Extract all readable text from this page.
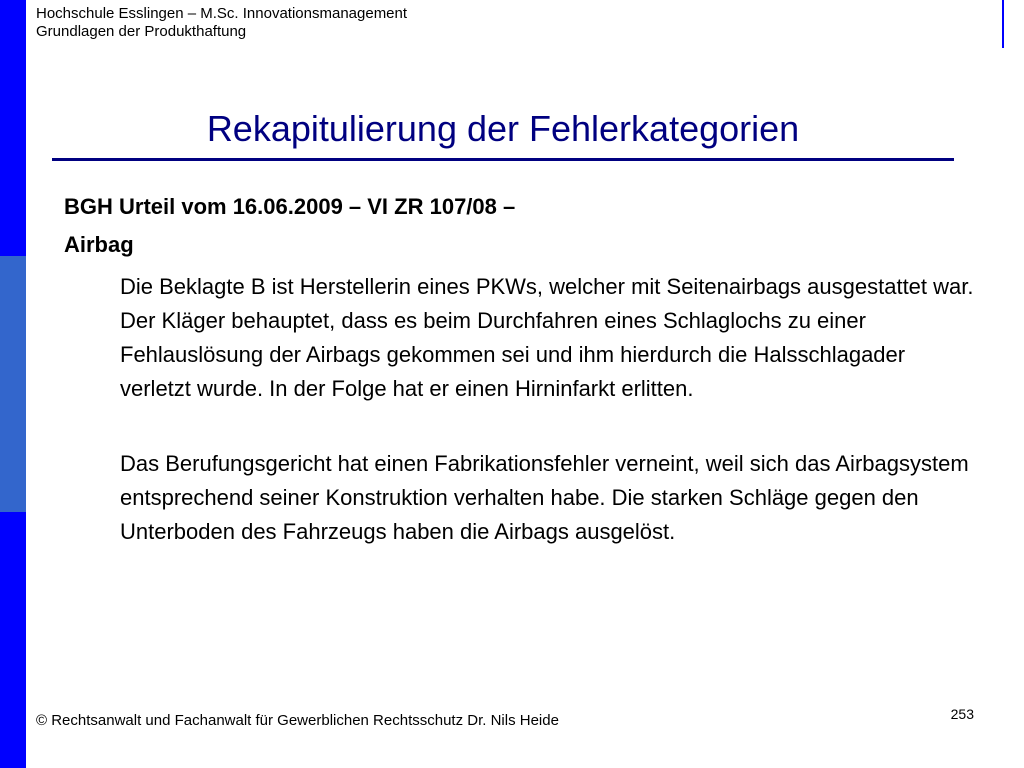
Hochschule Esslingen – M.Sc. Innovationsmanagement
Grundlagen der Produkthaftung
Rekapitulierung der Fehlerkategorien
BGH Urteil vom 16.06.2009 – VI ZR 107/08 –
Airbag
Die Beklagte B ist Herstellerin eines PKWs, welcher mit Seitenairbags ausgestattet war. Der Kläger behauptet, dass es beim Durchfahren eines Schlaglochs zu einer Fehlauslösung der Airbags gekommen sei und ihm hierdurch die Halsschlagader verletzt wurde. In der Folge hat er einen Hirninfarkt erlitten.
Das Berufungsgericht hat einen Fabrikationsfehler verneint, weil sich das Airbagsystem entsprechend seiner Konstruktion verhalten habe. Die starken Schläge gegen den Unterboden des Fahrzeugs haben die Airbags ausgelöst.
© Rechtsanwalt und Fachanwalt für Gewerblichen Rechtsschutz Dr. Nils Heide	253
